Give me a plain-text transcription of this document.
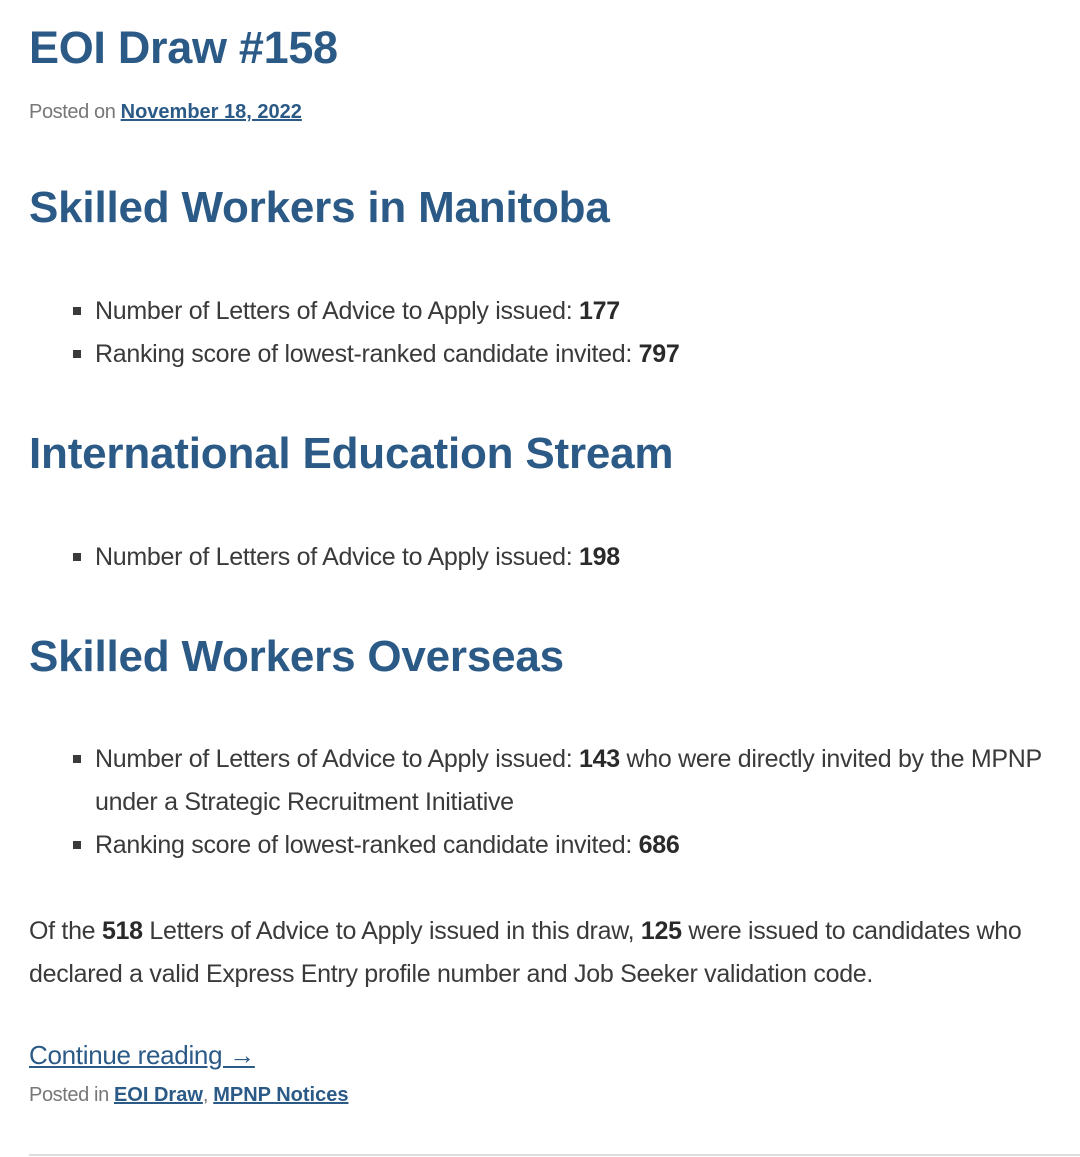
EOI Draw #158
Posted on November 18, 2022
Skilled Workers in Manitoba
Number of Letters of Advice to Apply issued: 177
Ranking score of lowest-ranked candidate invited: 797
International Education Stream
Number of Letters of Advice to Apply issued: 198
Skilled Workers Overseas
Number of Letters of Advice to Apply issued: 143 who were directly invited by the MPNP under a Strategic Recruitment Initiative
Ranking score of lowest-ranked candidate invited: 686

Of the 518 Letters of Advice to Apply issued in this draw, 125 were issued to candidates who declared a valid Express Entry profile number and Job Seeker validation code.

Continue reading →
Posted in EOI Draw, MPNP Notices
